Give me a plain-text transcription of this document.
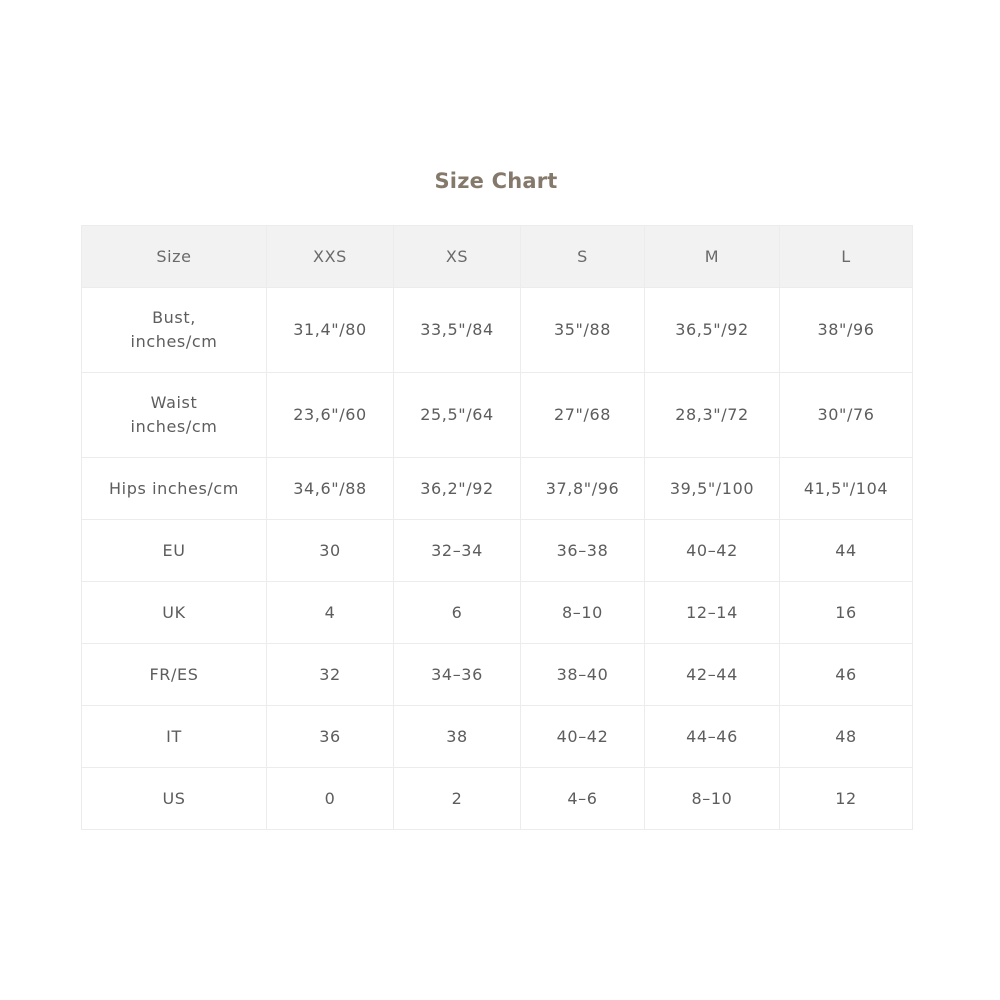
Size Chart
Size	XXS	XS	S	M	L

Bust,
inches/cm	31,4"/80	33,5"/84	35"/88	36,5"/92	38"/96

Waist
inches/cm	23,6"/60	25,5"/64	27"/68	28,3"/72	30"/76

Hips inches/cm	34,6"/88	36,2"/92	37,8"/96	39,5"/100	41,5"/104

EU	30	32–34	36–38	40–42	44

UK	4	6	8–10	12–14	16

FR/ES	32	34–36	38–40	42–44	46

IT	36	38	40–42	44–46	48

US	0	2	4–6	8–10	12
